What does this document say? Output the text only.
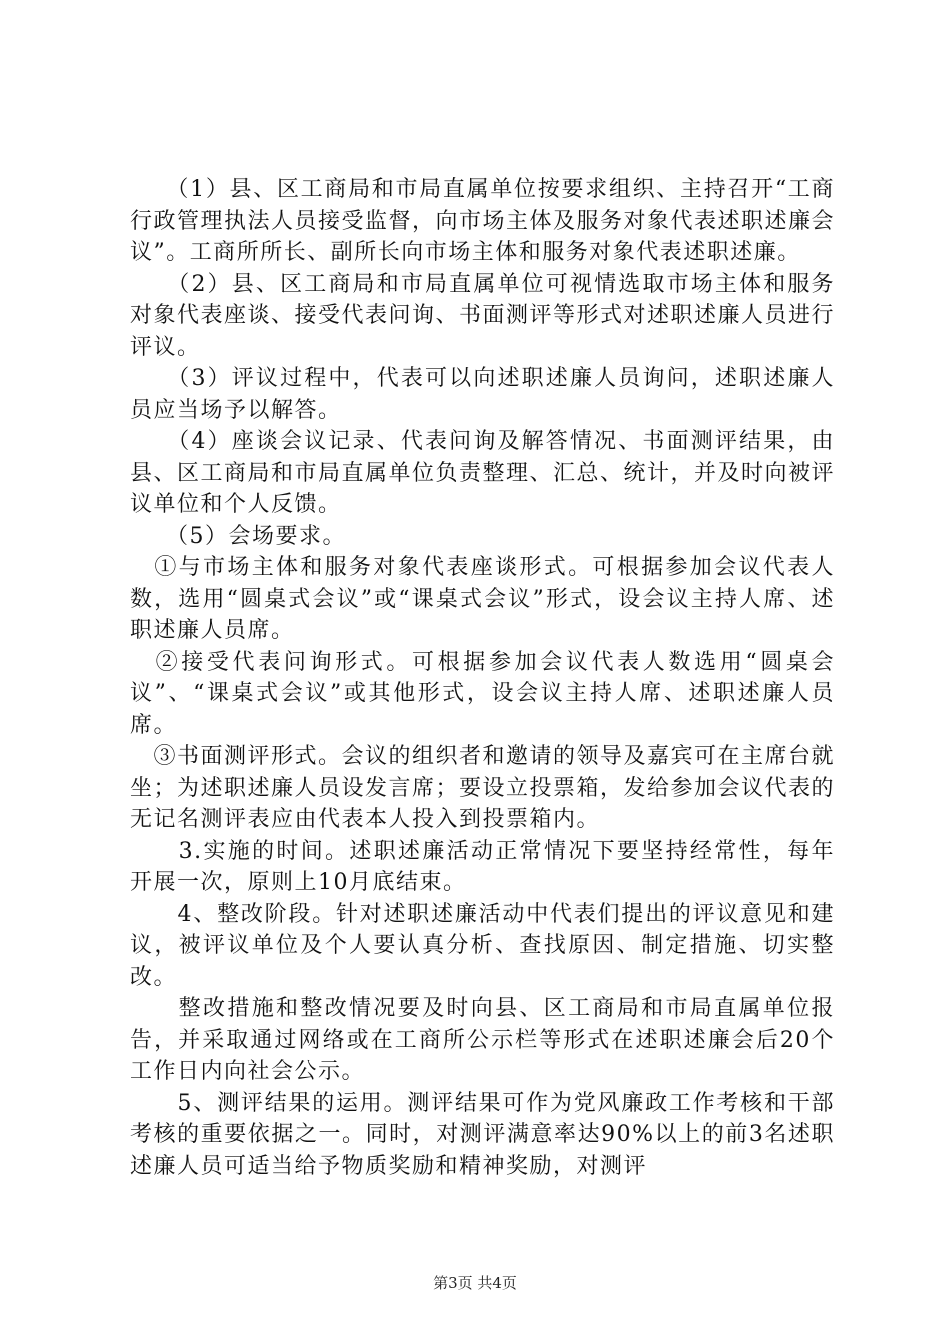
　　（1）县、区工商局和市局直属单位按要求组织、主持召开“工商行政管理执法人员接受监督，向市场主体及服务对象代表述职述廉会议”。工商所所长、副所长向市场主体和服务对象代表述职述廉。

　　（2）县、区工商局和市局直属单位可视情选取市场主体和服务对象代表座谈、接受代表问询、书面测评等形式对述职述廉人员进行评议。

　　（3）评议过程中，代表可以向述职述廉人员询问，述职述廉人员应当场予以解答。

　　（4）座谈会议记录、代表问询及解答情况、书面测评结果，由县、区工商局和市局直属单位负责整理、汇总、统计，并及时向被评议单位和个人反馈。

　　（5）会场要求。

　①与市场主体和服务对象代表座谈形式。可根据参加会议代表人数，选用“圆桌式会议”或“课桌式会议”形式，设会议主持人席、述职述廉人员席。

　②接受代表问询形式。可根据参加会议代表人数选用“圆桌会议”、“课桌式会议”或其他形式，设会议主持人席、述职述廉人员席。

　③书面测评形式。会议的组织者和邀请的领导及嘉宾可在主席台就坐；为述职述廉人员设发言席；要设立投票箱，发给参加会议代表的无记名测评表应由代表本人投入到投票箱内。

　　3.实施的时间。述职述廉活动正常情况下要坚持经常性，每年开展一次，原则上10月底结束。

　　4、整改阶段。针对述职述廉活动中代表们提出的评议意见和建议，被评议单位及个人要认真分析、查找原因、制定措施、切实整改。

　　整改措施和整改情况要及时向县、区工商局和市局直属单位报告，并采取通过网络或在工商所公示栏等形式在述职述廉会后20个工作日内向社会公示。

　　5、测评结果的运用。测评结果可作为党风廉政工作考核和干部考核的重要依据之一。同时，对测评满意率达90%以上的前3名述职述廉人员可适当给予物质奖励和精神奖励，对测评

第3页 共4页
